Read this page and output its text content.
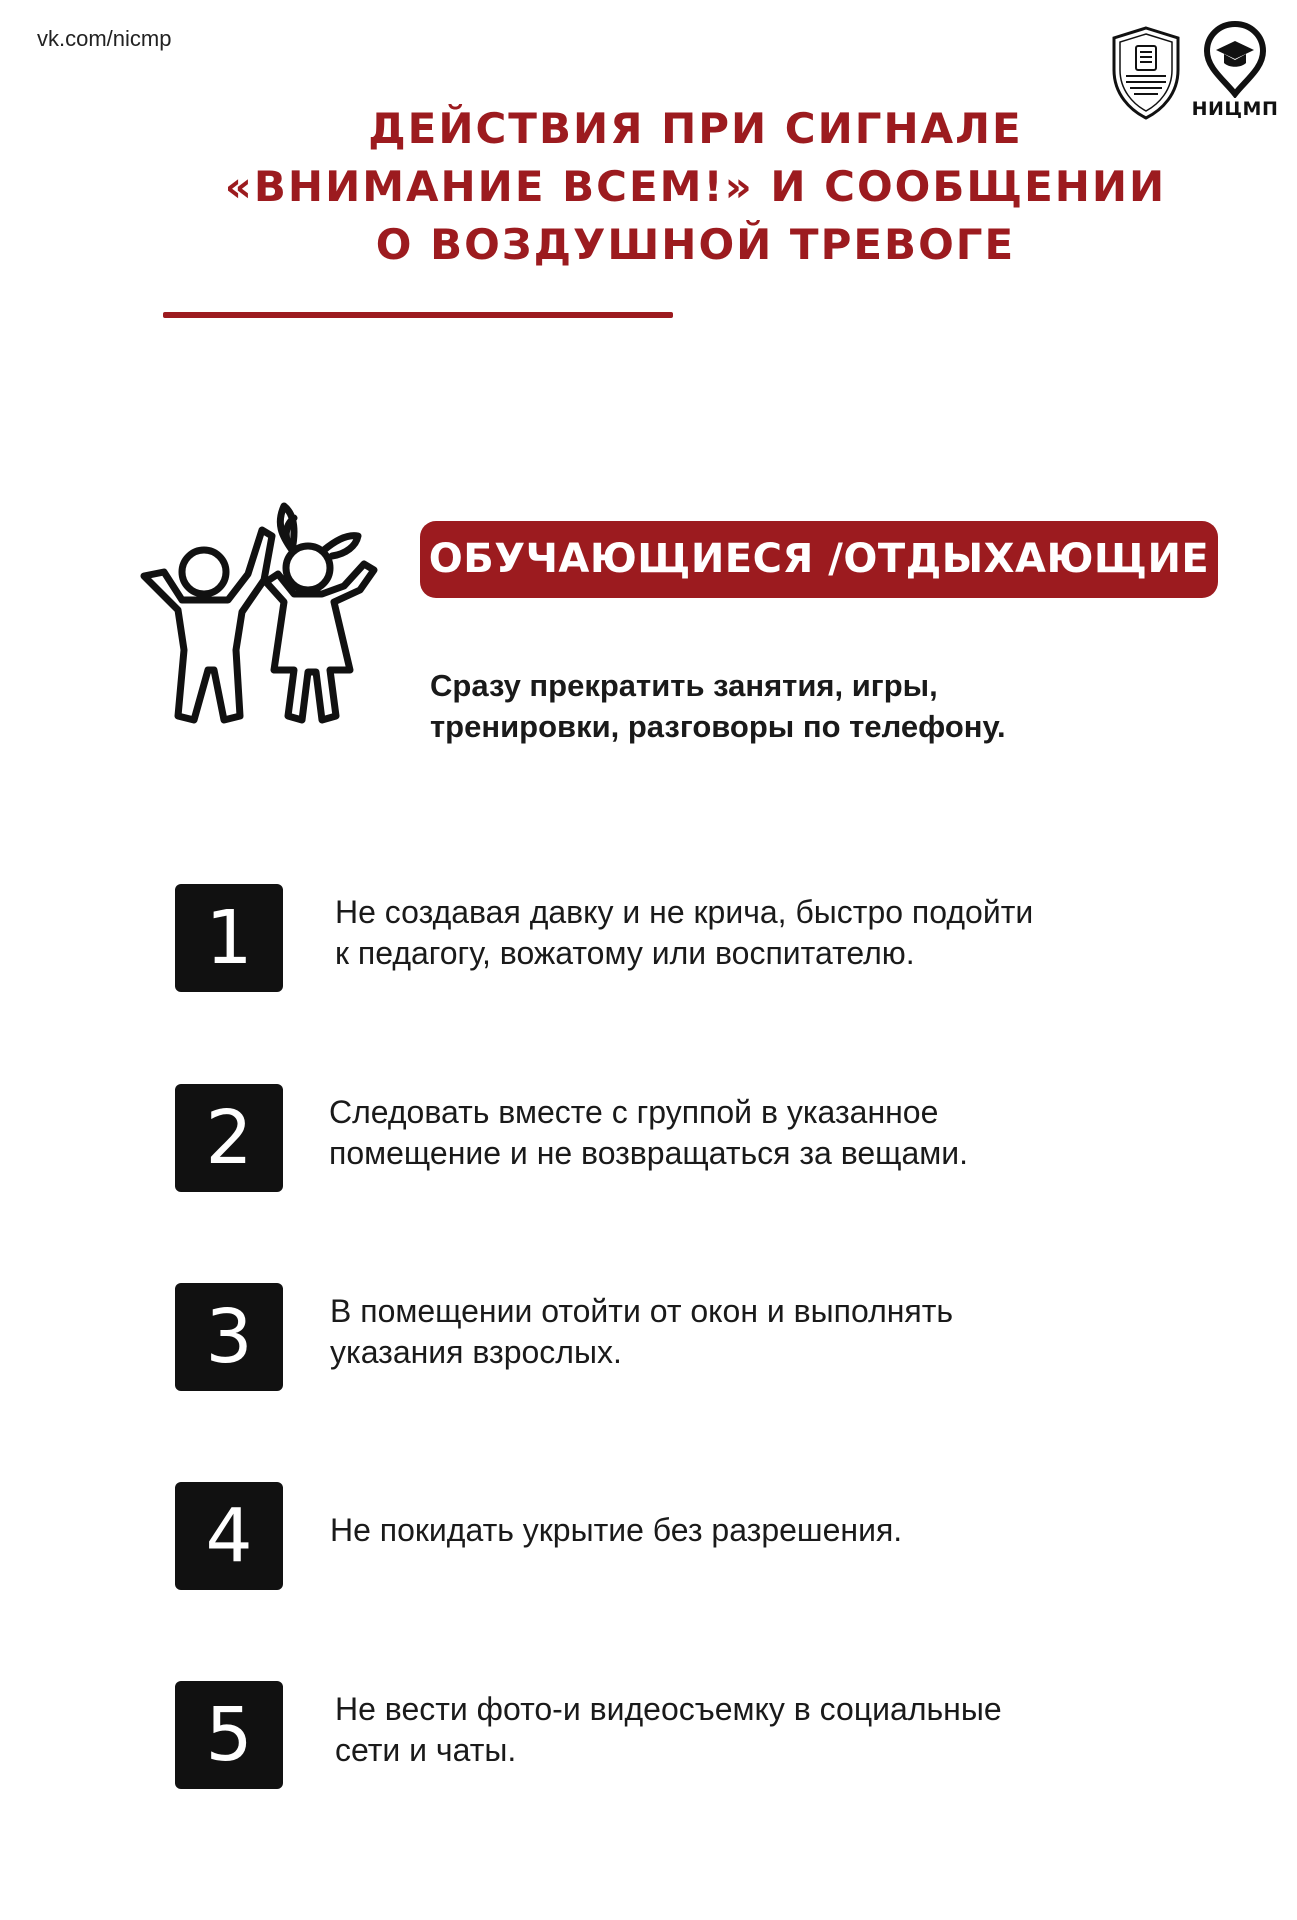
vk.com/nicmp
НИЦМП
ДЕЙСТВИЯ ПРИ СИГНАЛЕ
«ВНИМАНИЕ ВСЕМ!» И СООБЩЕНИИ
О ВОЗДУШНОЙ ТРЕВОГЕ
ОБУЧАЮЩИЕСЯ /ОТДЫХАЮЩИЕ
Сразу прекратить занятия, игры,
тренировки, разговоры по телефону.
1	Не создавая давку и не крича, быстро подойти
к педагогу, вожатому или воспитателю.
2	Следовать вместе с группой в указанное
помещение и не возвращаться за вещами.
3	В помещении отойти от окон и выполнять
указания взрослых.
4	Не покидать укрытие без разрешения.
5	Не вести фото-и видеосъемку в социальные
сети и чаты.
